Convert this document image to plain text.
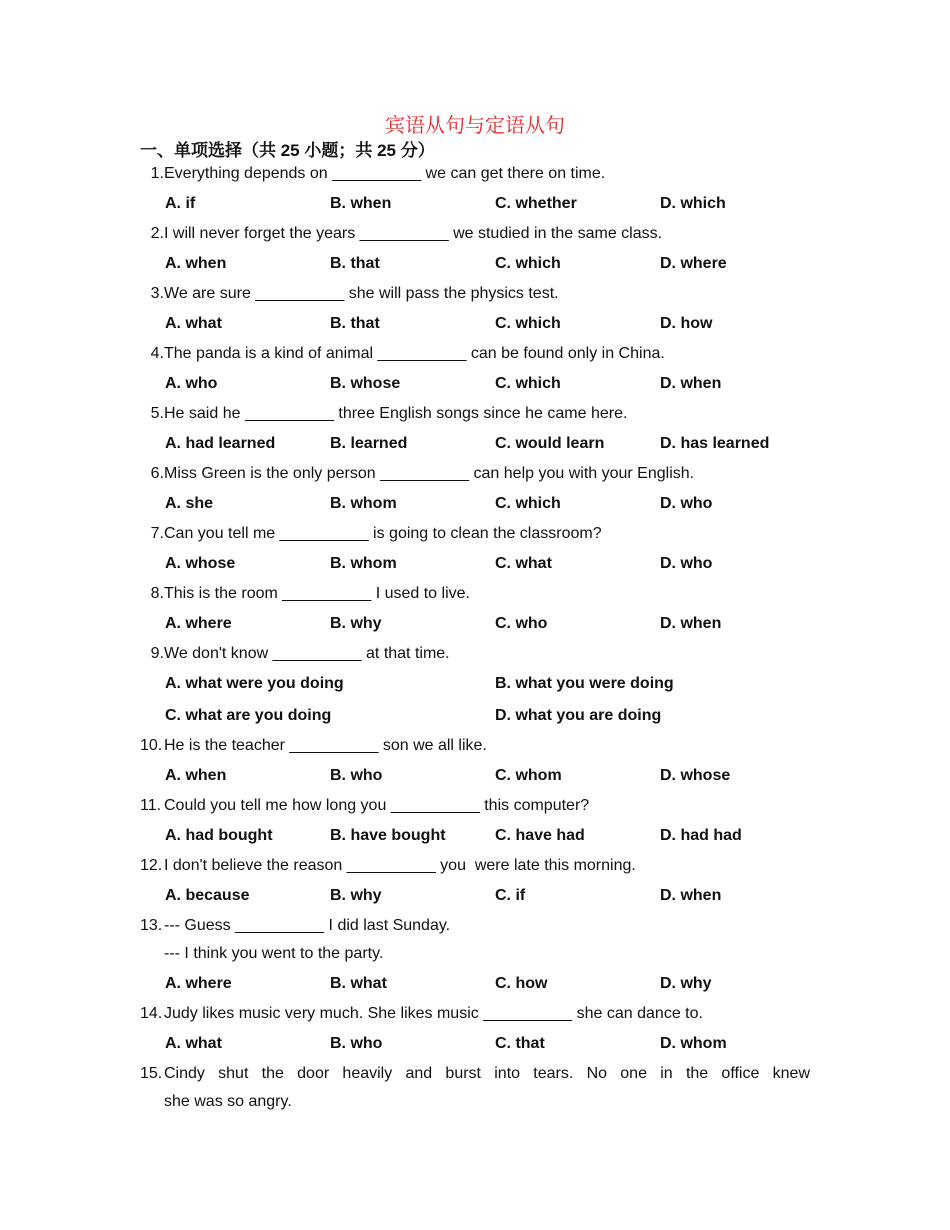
宾语从句与定语从句
一、单项选择（共 25 小题；共 25 分）
1. Everything depends on __________ we can get there on time.
A. if	B. when	C. whether	D. which
2. I will never forget the years __________ we studied in the same class.
A. when	B. that	C. which	D. where
3. We are sure __________ she will pass the physics test.
A. what	B. that	C. which	D. how
4. The panda is a kind of animal __________ can be found only in China.
A. who	B. whose	C. which	D. when
5. He said he __________ three English songs since he came here.
A. had learned	B. learned	C. would learn	D. has learned
6. Miss Green is the only person __________ can help you with your English.
A. she	B. whom	C. which	D. who
7. Can you tell me __________ is going to clean the classroom?
A. whose	B. whom	C. what	D. who
8. This is the room __________ I used to live.
A. where	B. why	C. who	D. when
9. We don't know __________ at that time.
A. what were you doing	B. what you were doing
C. what are you doing	D. what you are doing
10. He is the teacher __________ son we all like.
A. when	B. who	C. whom	D. whose
11. Could you tell me how long you __________ this computer?
A. had bought	B. have bought	C. have had	D. had had
12. I don't believe the reason __________ you  were late this morning.
A. because	B. why	C. if	D. when
13. --- Guess __________ I did last Sunday.
--- I think you went to the party.
A. where	B. what	C. how	D. why
14. Judy likes music very much. She likes music __________ she can dance to.
A. what	B. who	C. that	D. whom
15. Cindy shut the door heavily and burst into tears. No one in the office knew
she was so angry.
